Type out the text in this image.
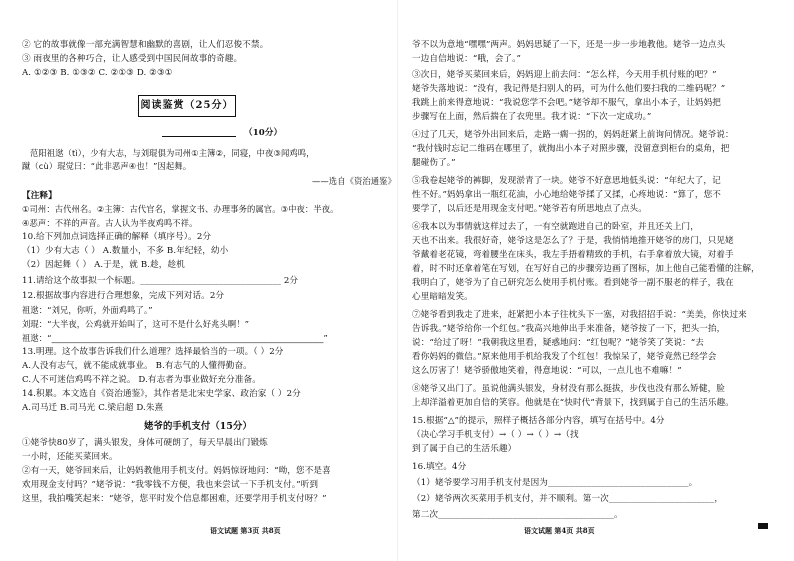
② 它的故事就像一部充满智慧和幽默的喜剧，让人们忍俊不禁。
③ 雨夜里的各种巧合，让人感受到中国民间故事的奇趣。
A. ①②③ B. ①③② C. ②①③ D. ②③①
阅读鉴赏（25分）
（10分）
范阳祖逖（tì），少有大志，与刘琨俱为司州①主簿②，同寝，中夜③闻鸡鸣，
蹴（cù）琨觉曰：“此非恶声④也！”因起舞。
——选自《资治通鉴》
【注释】
①司州：古代州名。②主簿：古代官名，掌握文书、办理事务的属官。③中夜：半夜。
④恶声：不祥的声音。古人认为半夜鸡鸣不祥。
10.给下列加点词选择正确的解释（填序号）。2分
（1）少有大志（ ） A.数量小，不多 B.年纪轻，幼小
（2）因起舞（ ） A.于是，就 B.趁，趁机
11.请给这个故事拟一个标题。________________________________ 2分
12.根据故事内容进行合理想象，完成下列对话。2分
祖逖：“刘兄，你听，外面鸡鸣了。”
刘琨：“大半夜，公鸡就开始叫了，这可不是什么好兆头啊！”
祖逖：“________________________________________________________________”
13.明理。这个故事告诉我们什么道理？选择最恰当的一项。（ ）2分
A.人没有志气，就不能成就事业。 B.有志气的人懂得勤奋。
C.人不可迷信鸡鸣不祥之说。 D.有志者为事业做好充分准备。
14.积累。本文选自《资治通鉴》，其作者是北宋史学家、政治家（ ）2分
A.司马迁 B.司马光 C.梁启超 D.朱熹
姥爷的手机支付（15分）
①姥爷快80岁了，满头银发，身体可硬朗了，每天早晨出门锻炼
一小时，还能买菜回来。
②有一天，姥爷回来后，让妈妈教他用手机支付。妈妈惊讶地问：“呦，您不是喜
欢用现金支付吗？”姥爷说：“我零钱不方便，我也来尝试一下手机支付。”听到
这里，我拍嘴笑起来：“姥爷，您平时发个信息都困难，还要学用手机支付呀？”
语文试题 第3页 共8页
爷不以为意地“嘿嘿”两声。妈妈思疑了一下，还是一步一步地教他。姥爷一边点头
一边自信地说：“哦，会了。”
③次日，姥爷买菜回来后，妈妈迎上前去问：“怎么样，今天用手机付账的吧？”
姥爷失落地说：“没有，我记得是扫别人的码，可为什么他们要扫我的二维码呢？”
我跳上前来得意地说：“我说您学不会吧。”姥爷却不服气，拿出小本子，让妈妈把
步骤写在上面，然后揣在了衣兜里。我才说：“下次一定成功。”
④过了几天，姥爷外出回来后，走路一瘸一拐的，妈妈赶紧上前询问情况。姥爷说：
“我付钱时忘记二维码在哪里了，就掏出小本子对照步骤，没留意到柜台的桌角，把
腿碰伤了。”
⑤我卷起姥爷的裤脚，发现淤青了一块。姥爷不好意思地低头说：“年纪大了，记
性不好。”妈妈拿出一瓶红花油，小心地给姥爷揉了又揉，心疼地说：“算了，您不
要学了，以后还是用现金支付吧。”姥爷若有所思地点了点头。
⑥我本以为事情就这样过去了，一有空就跑进自己的卧室，并且还关上门，
天也不出来。我很好奇，姥爷这是怎么了？于是，我悄悄地推开姥爷的房门，只见姥
爷戴着老花镜，弯着腰坐在床头，我左手捂着精致的手机，右手拿着放大镜，对着手
着，时不时还拿着笔在写划，在写好自己的步骤旁边画了图标，加上他自己能看懂的注解，
我明白了，姥爷为了自己研究怎么使用手机付账。看到姥爷一副不服老的样子，我在
心里暗暗发笑。
⑦姥爷看到我走了进来，赶紧把小本子往枕头下一塞，对我招招手说：“美美，你快过来
告诉我。”姥爷给你一个红包。”我高兴地伸出手来准备，姥爷按了一下，把头一抬，
说：“给过了呀！”我朝我这里看，疑惑地问：“红包呢？”姥爷笑了笑说：“去
看你妈妈的微信。”原来他用手机给我发了个红包！我惊呆了，姥爷竟然已经学会
这么厉害了！姥爷骄傲地笑着，得意地说：“可以，一点儿也不难嘛！”
⑧姥爷又出门了。虽说他满头银发，身材没有那么挺拔，步伐也没有那么矫健，脸
上却洋溢着更加自信的笑容。他就是在“快时代”背景下，找到属于自己的生活乐趣。
15.根据“△”的提示，照样子概括各部分内容，填写在括号中。4分
（决心学习手机支付）→（ ）→（ ）→（找
到了属于自己的生活乐趣）
16.填空。4分
（1）姥爷要学习用手机支付是因为________________________________。
（2）姥爷两次买菜用手机支付，并不顺利。第一次________________________，
第二次________________________________________。
语文试题 第4页 共8页
